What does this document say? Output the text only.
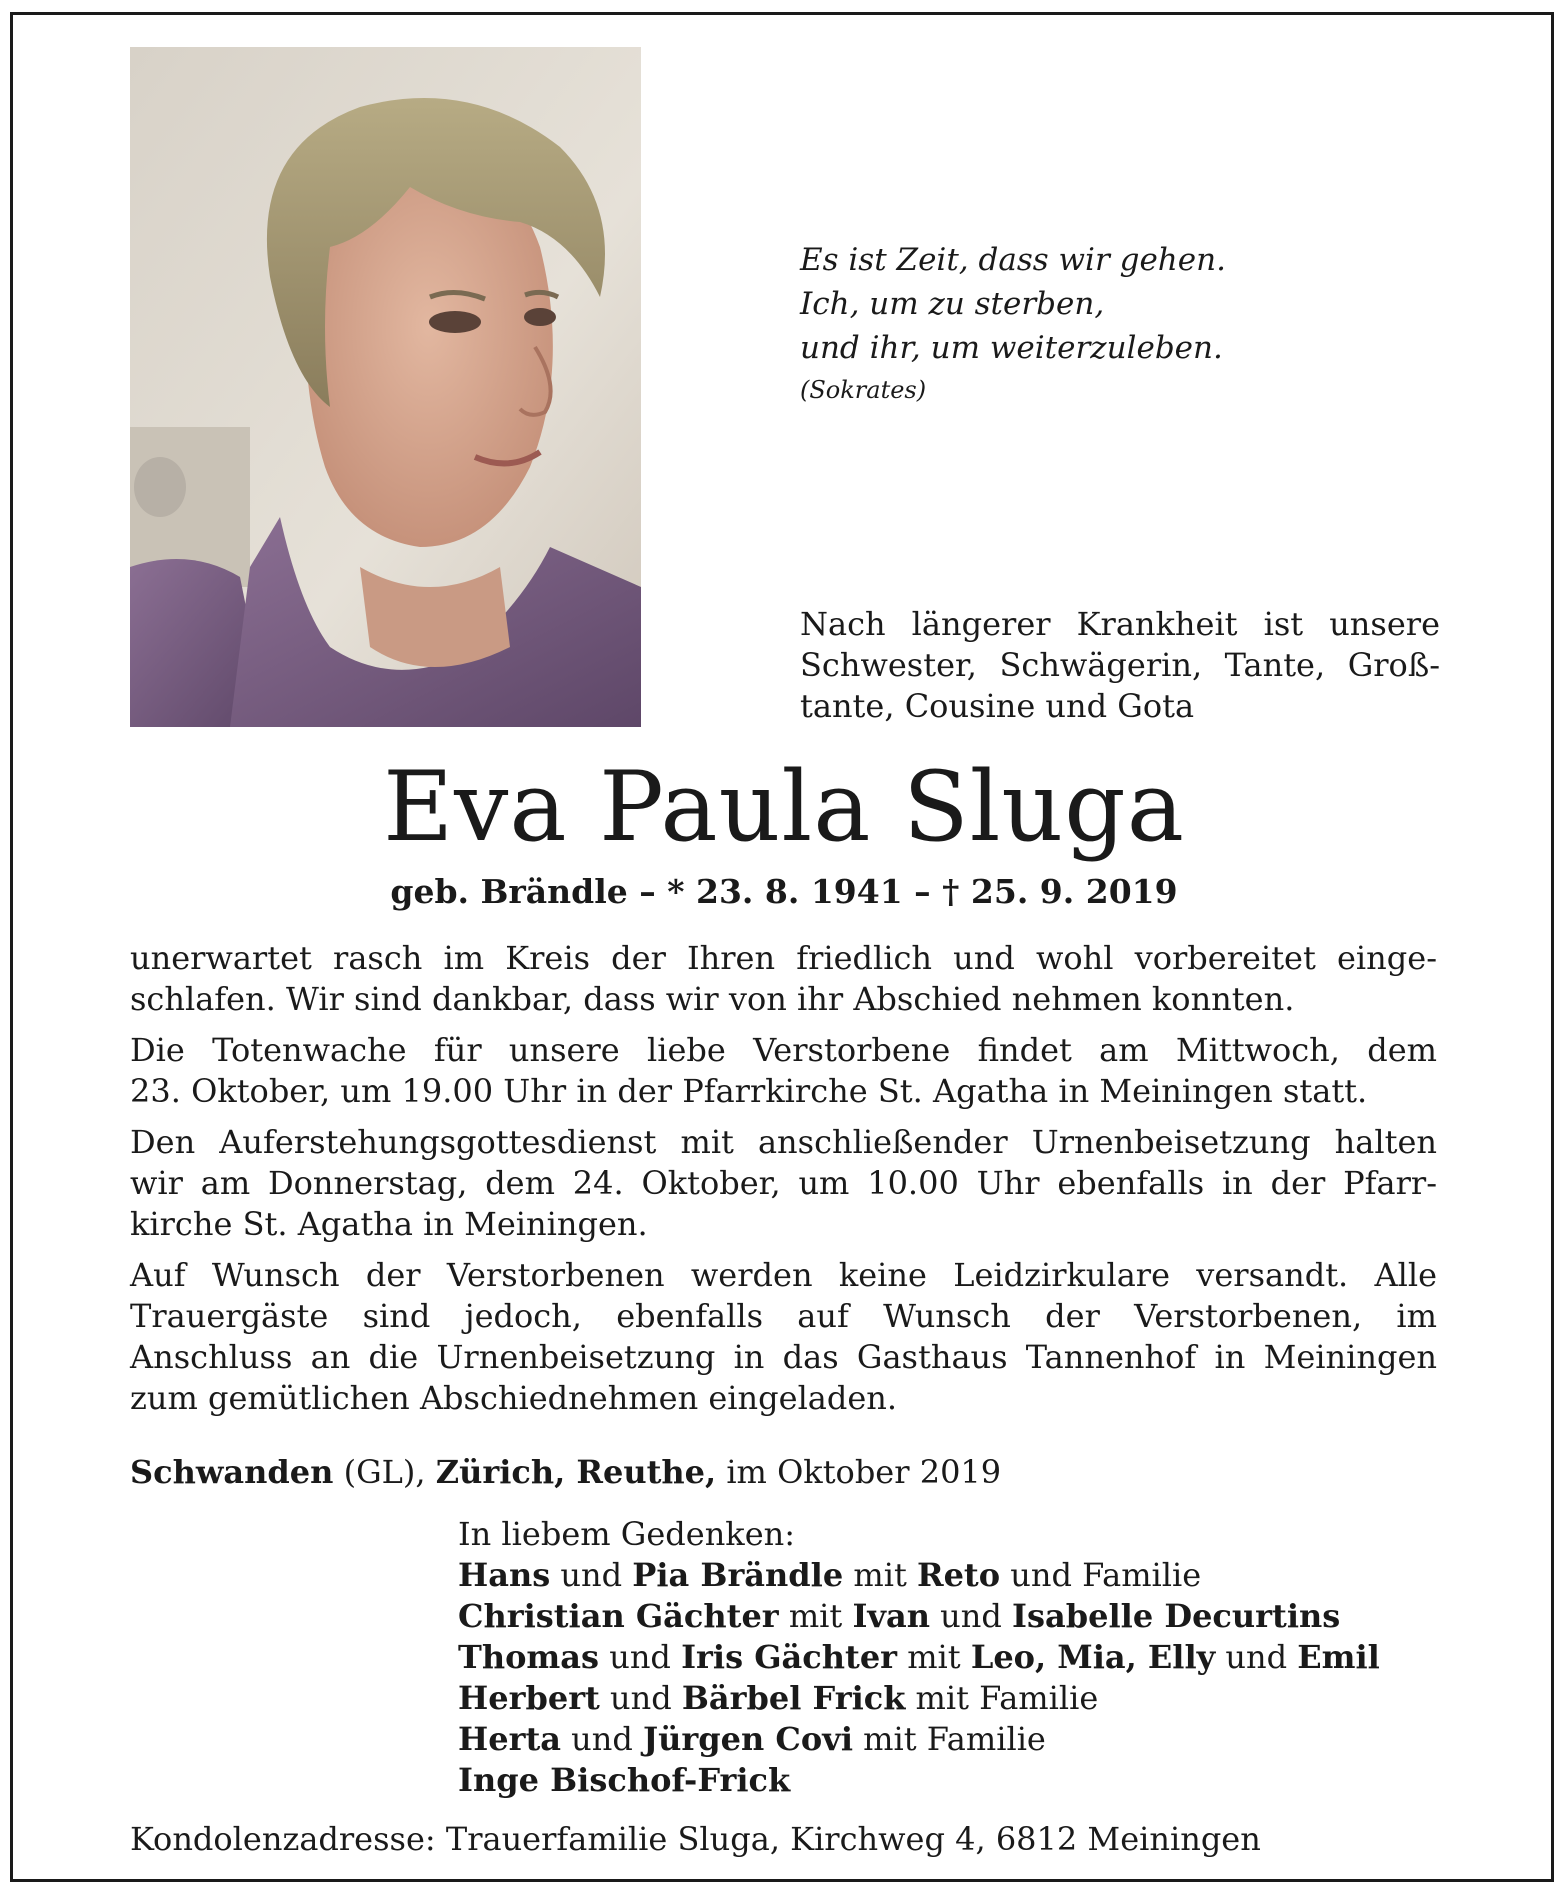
Es ist Zeit, dass wir gehen.
Ich, um zu sterben,
und ihr, um weiterzuleben.
(Sokrates)
Nach längerer Krankheit ist unsere
Schwester, Schwägerin, Tante, Groß-
tante, Cousine und Gota
Eva Paula Sluga
geb. Brändle – * 23. 8. 1941 – † 25. 9. 2019
unerwartet rasch im Kreis der Ihren friedlich und wohl vorbereitet einge-
schlafen. Wir sind dankbar, dass wir von ihr Abschied nehmen konnten.
Die Totenwache für unsere liebe Verstorbene findet am Mittwoch, dem
23. Oktober, um 19.00 Uhr in der Pfarrkirche St. Agatha in Meiningen statt.
Den Auferstehungsgottesdienst mit anschließender Urnenbeisetzung halten
wir am Donnerstag, dem 24. Oktober, um 10.00 Uhr ebenfalls in der Pfarr-
kirche St. Agatha in Meiningen.
Auf Wunsch der Verstorbenen werden keine Leidzirkulare versandt. Alle
Trauergäste sind jedoch, ebenfalls auf Wunsch der Verstorbenen, im
Anschluss an die Urnenbeisetzung in das Gasthaus Tannenhof in Meiningen
zum gemütlichen Abschiednehmen eingeladen.
Schwanden (GL), Zürich, Reuthe, im Oktober 2019
In liebem Gedenken:
Hans und Pia Brändle mit Reto und Familie
Christian Gächter mit Ivan und Isabelle Decurtins
Thomas und Iris Gächter mit Leo, Mia, Elly und Emil
Herbert und Bärbel Frick mit Familie
Herta und Jürgen Covi mit Familie
Inge Bischof-Frick
Kondolenzadresse: Trauerfamilie Sluga, Kirchweg 4, 6812 Meiningen
